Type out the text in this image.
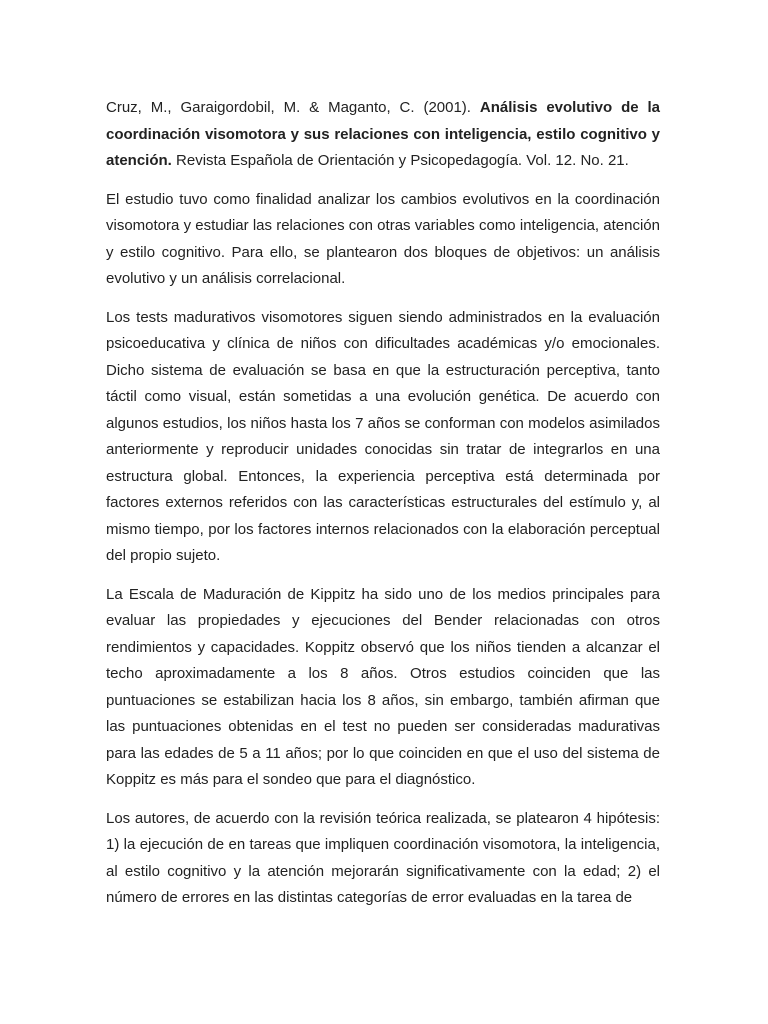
Cruz, M., Garaigordobil, M. & Maganto, C. (2001). Análisis evolutivo de la coordinación visomotora y sus relaciones con inteligencia, estilo cognitivo y atención. Revista Española de Orientación y Psicopedagogía. Vol. 12. No. 21.

El estudio tuvo como finalidad analizar los cambios evolutivos en la coordinación visomotora y estudiar las relaciones con otras variables como inteligencia, atención y estilo cognitivo. Para ello, se plantearon dos bloques de objetivos: un análisis evolutivo y un análisis correlacional.

Los tests madurativos visomotores siguen siendo administrados en la evaluación psicoeducativa y clínica de niños con dificultades académicas y/o emocionales. Dicho sistema de evaluación se basa en que la estructuración perceptiva, tanto táctil como visual, están sometidas a una evolución genética. De acuerdo con algunos estudios, los niños hasta los 7 años se conforman con modelos asimilados anteriormente y reproducir unidades conocidas sin tratar de integrarlos en una estructura global. Entonces, la experiencia perceptiva está determinada por factores externos referidos con las características estructurales del estímulo y, al mismo tiempo, por los factores internos relacionados con la elaboración perceptual del propio sujeto.

La Escala de Maduración de Kippitz ha sido uno de los medios principales para evaluar las propiedades y ejecuciones del Bender relacionadas con otros rendimientos y capacidades. Koppitz observó que los niños tienden a alcanzar el techo aproximadamente a los 8 años. Otros estudios coinciden que las puntuaciones se estabilizan hacia los 8 años, sin embargo, también afirman que las puntuaciones obtenidas en el test no pueden ser consideradas madurativas para las edades de 5 a 11 años; por lo que coinciden en que el uso del sistema de Koppitz es más para el sondeo que para el diagnóstico.

Los autores, de acuerdo con la revisión teórica realizada, se platearon 4 hipótesis: 1) la ejecución de en tareas que impliquen coordinación visomotora, la inteligencia, al estilo cognitivo y la atención mejorarán significativamente con la edad; 2) el número de errores en las distintas categorías de error evaluadas en la tarea de
